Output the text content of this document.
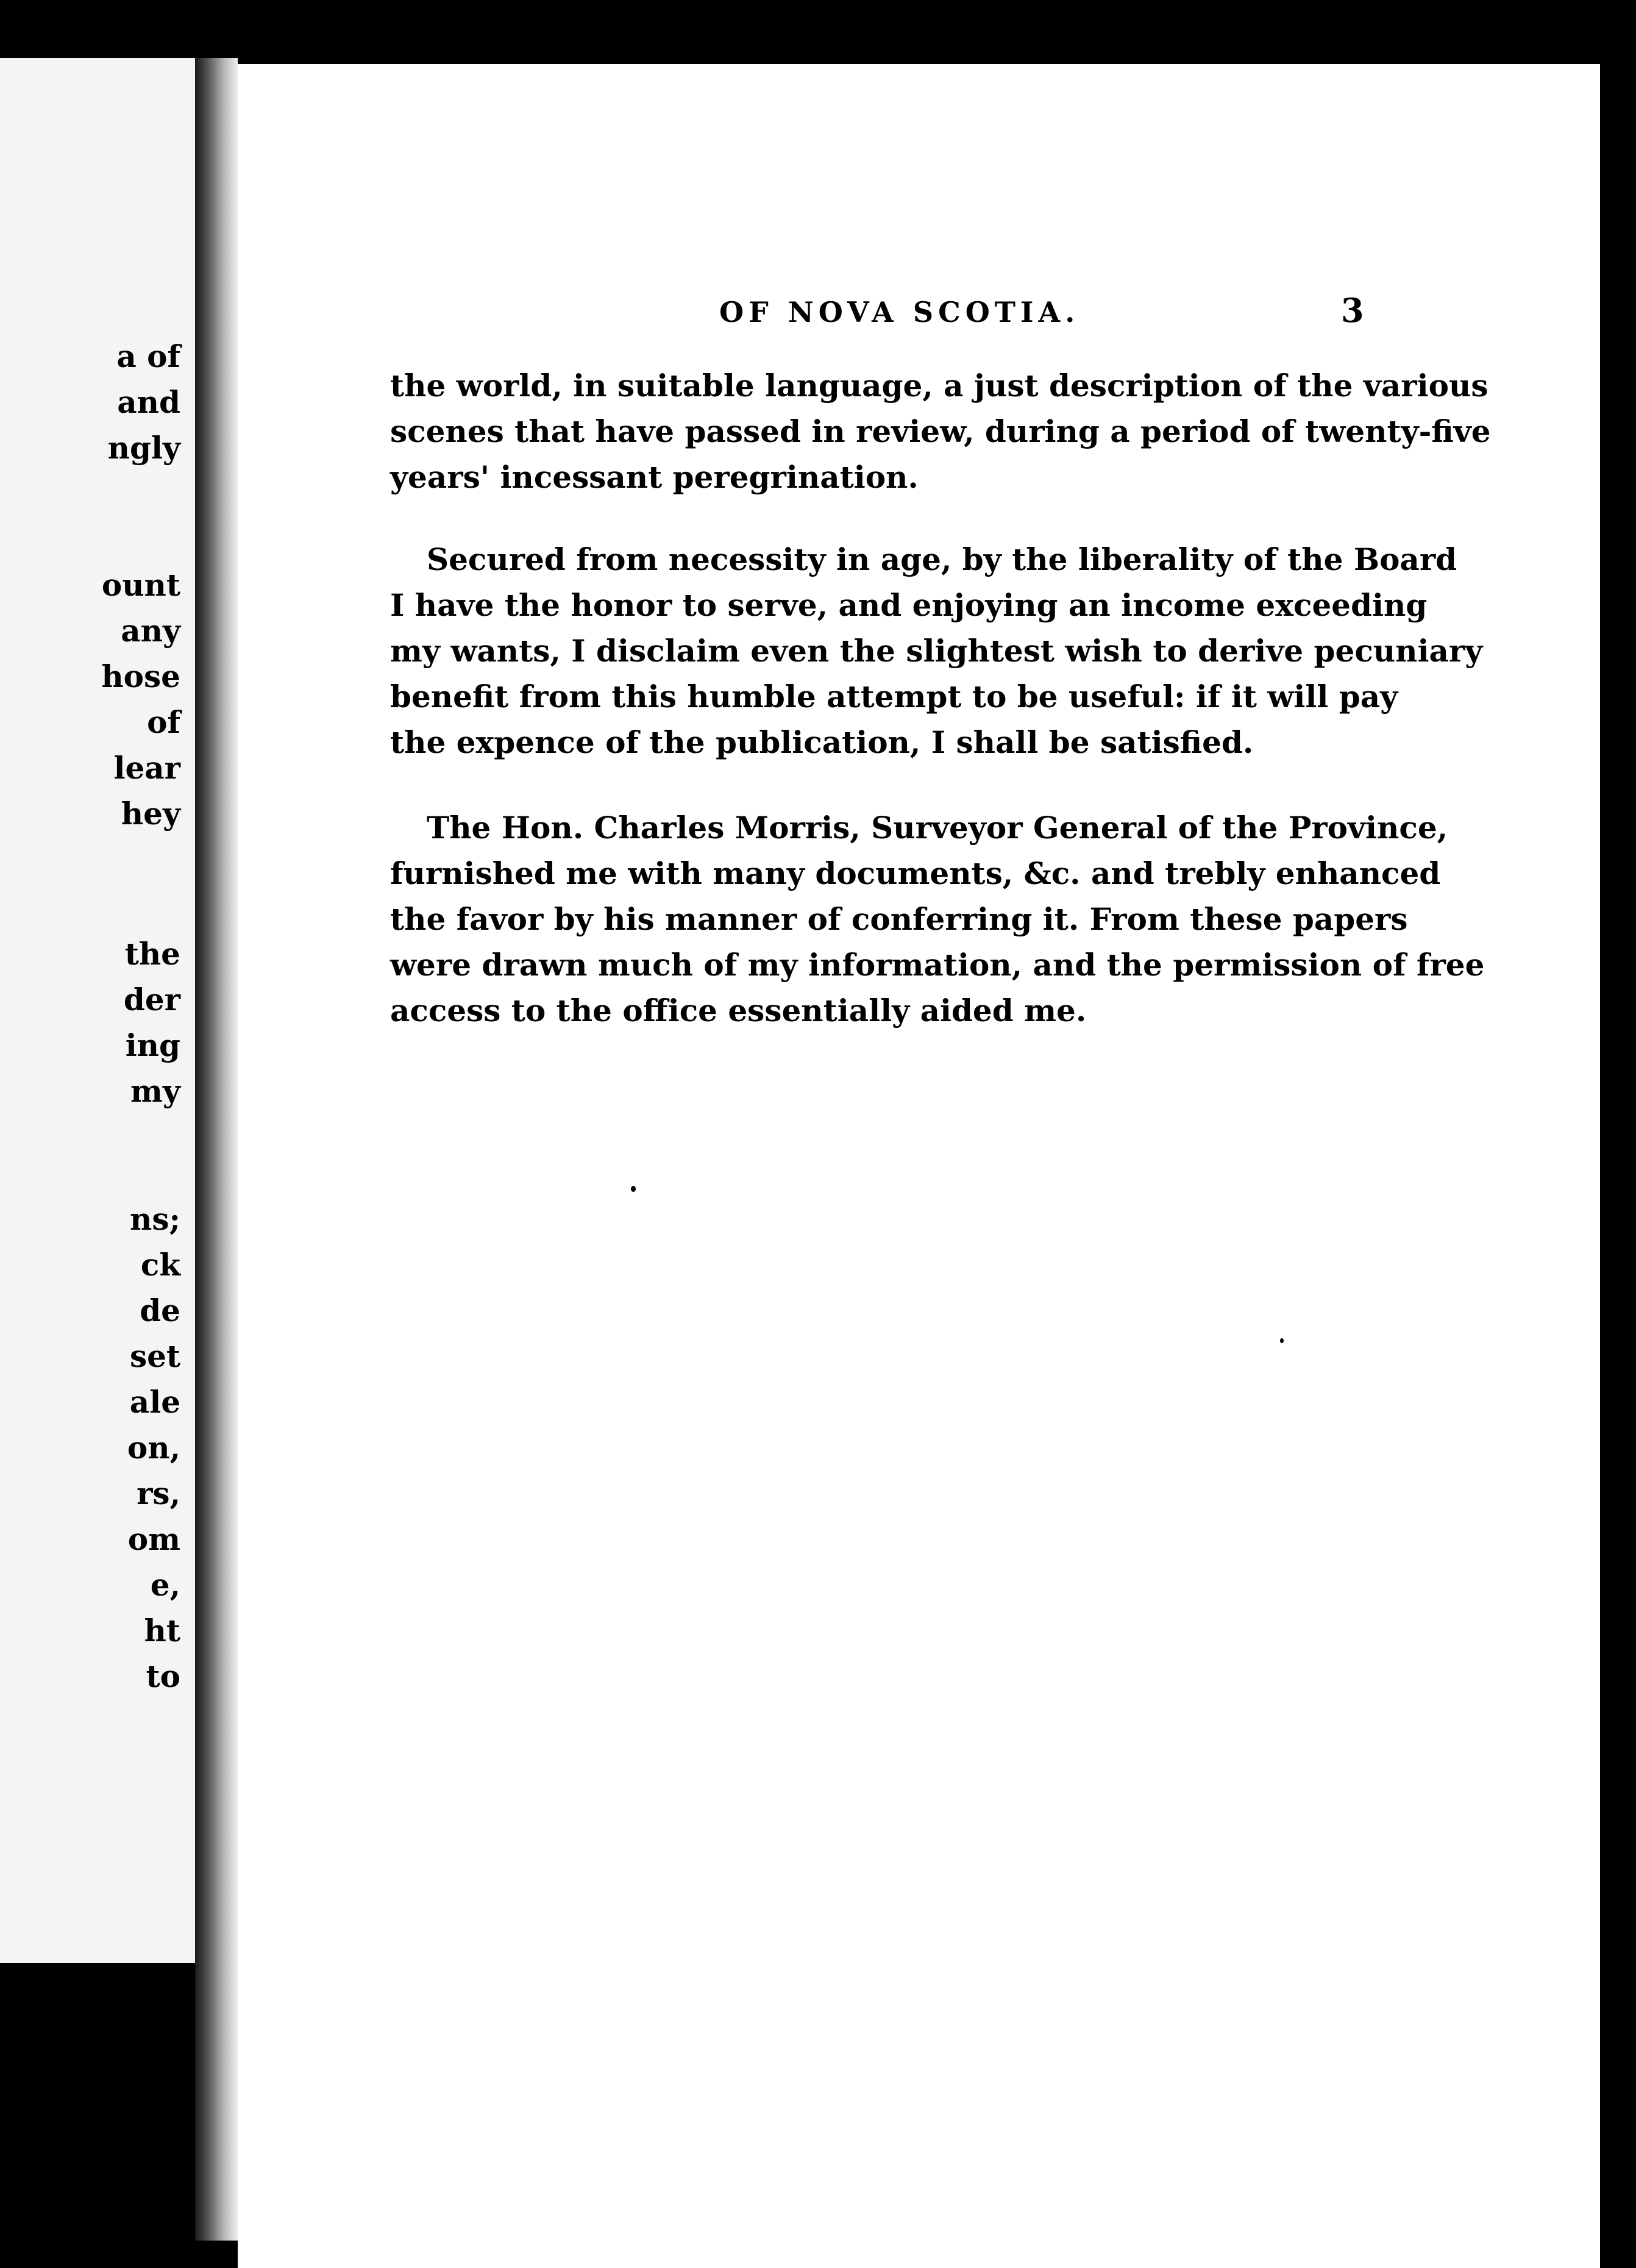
a of
and
ngly
ount
any
hose
of
lear
hey
the
der
ing
my
ns;
ck
de
set
ale
on,
rs,
om
e,
ht
to
OF NOVA SCOTIA.	3
the world, in suitable language, a just description of the various
scenes that have passed in review, during a period of twenty-five
years' incessant peregrination.
Secured from necessity in age, by the liberality of the Board
I have the honor to serve, and enjoying an income exceeding
my wants, I disclaim even the slightest wish to derive pecuniary
benefit from this humble attempt to be useful: if it will pay
the expence of the publication, I shall be satisfied.
The Hon. Charles Morris, Surveyor General of the Province,
furnished me with many documents, &c. and trebly enhanced
the favor by his manner of conferring it. From these papers
were drawn much of my information, and the permission of free
access to the office essentially aided me.
